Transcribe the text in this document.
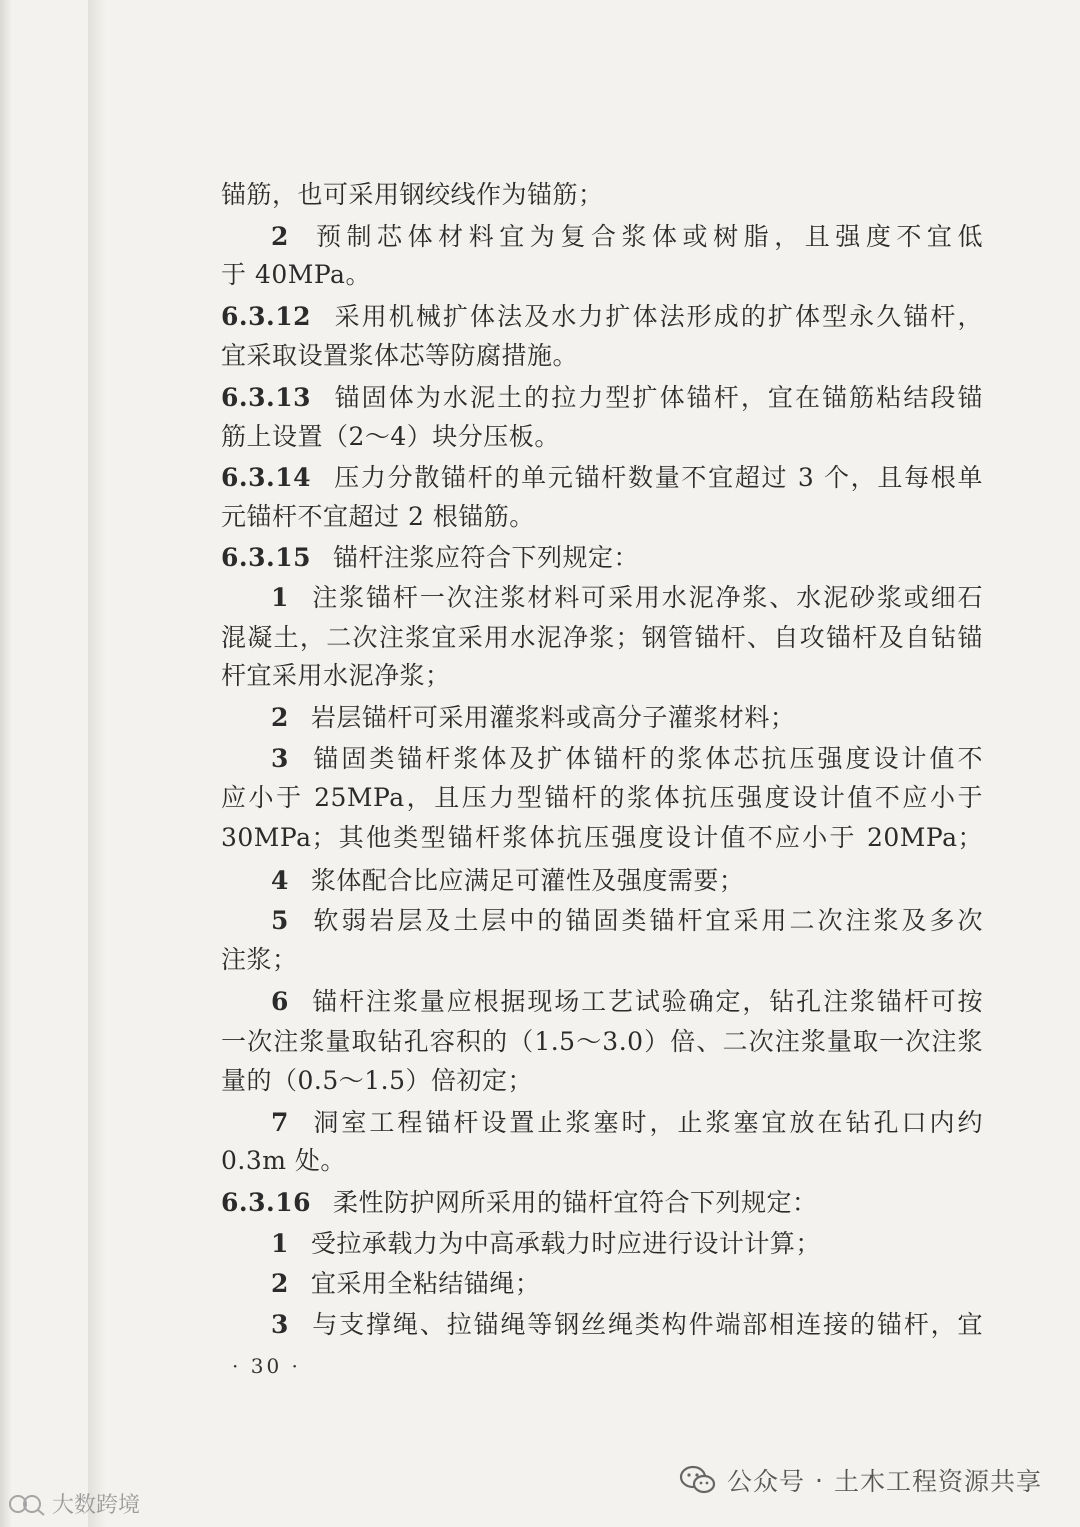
锚筋，也可采用钢绞线作为锚筋；
2 预制芯体材料宜为复合浆体或树脂，且强度不宜低
于 40MPa。
6.3.12 采用机械扩体法及水力扩体法形成的扩体型永久锚杆，
宜采取设置浆体芯等防腐措施。
6.3.13 锚固体为水泥土的拉力型扩体锚杆，宜在锚筋粘结段锚
筋上设置（2～4）块分压板。
6.3.14 压力分散锚杆的单元锚杆数量不宜超过 3 个，且每根单
元锚杆不宜超过 2 根锚筋。
6.3.15 锚杆注浆应符合下列规定：
1 注浆锚杆一次注浆材料可采用水泥净浆、水泥砂浆或细石
混凝土，二次注浆宜采用水泥净浆；钢管锚杆、自攻锚杆及自钻锚
杆宜采用水泥净浆；
2 岩层锚杆可采用灌浆料或高分子灌浆材料；
3 锚固类锚杆浆体及扩体锚杆的浆体芯抗压强度设计值不
应小于 25MPa，且压力型锚杆的浆体抗压强度设计值不应小于
30MPa；其他类型锚杆浆体抗压强度设计值不应小于 20MPa；
4 浆体配合比应满足可灌性及强度需要；
5 软弱岩层及土层中的锚固类锚杆宜采用二次注浆及多次
注浆；
6 锚杆注浆量应根据现场工艺试验确定，钻孔注浆锚杆可按
一次注浆量取钻孔容积的（1.5～3.0）倍、二次注浆量取一次注浆
量的（0.5～1.5）倍初定；
7 洞室工程锚杆设置止浆塞时，止浆塞宜放在钻孔口内约
0.3m 处。
6.3.16 柔性防护网所采用的锚杆宜符合下列规定：
1 受拉承载力为中高承载力时应进行设计计算；
2 宜采用全粘结锚绳；
3 与支撑绳、拉锚绳等钢丝绳类构件端部相连接的锚杆，宜
· 30 ·
公众号 · 土木工程资源共享
大数跨境
